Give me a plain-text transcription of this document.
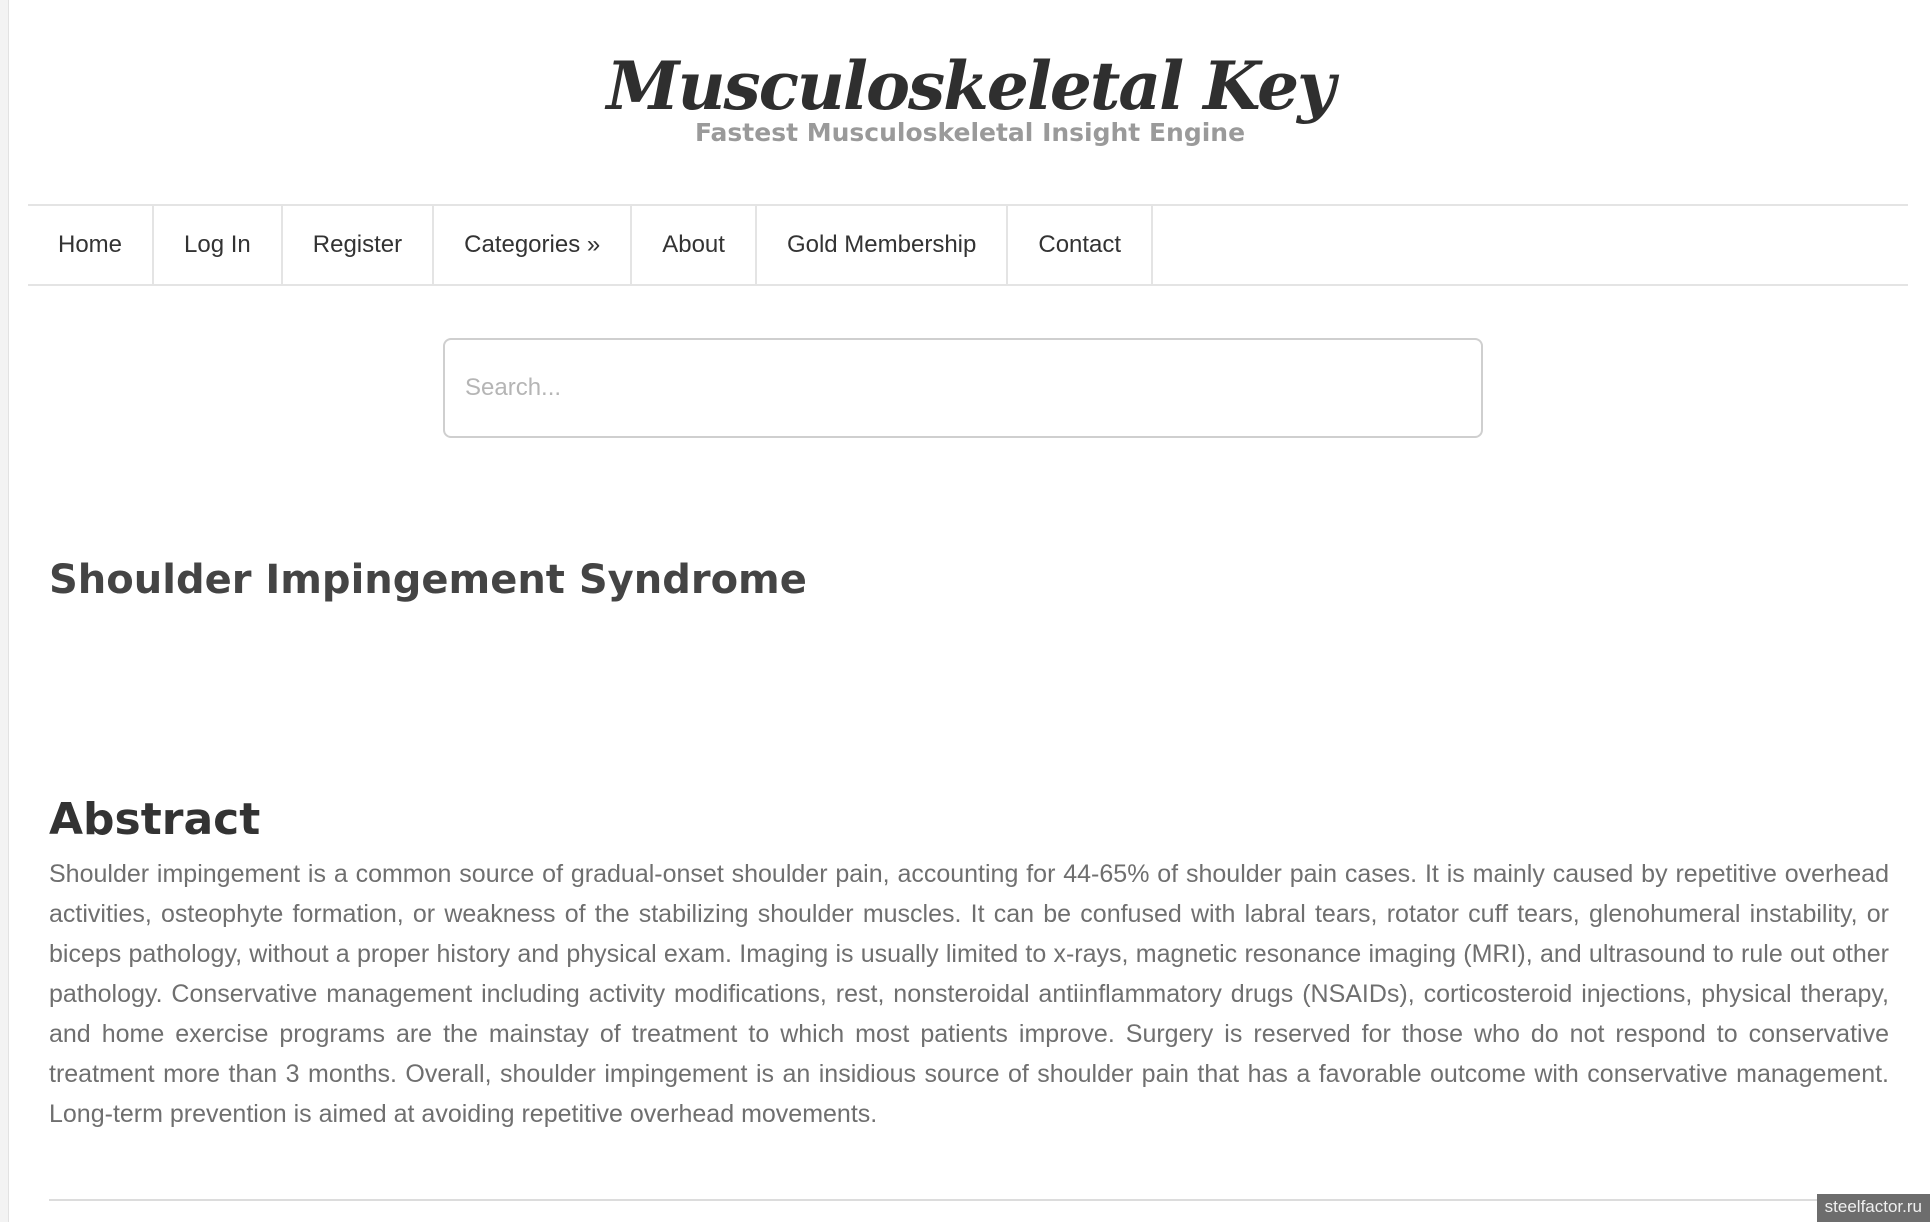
Musculoskeletal Key
Fastest Musculoskeletal Insight Engine
Home	Log In	Register	Categories »	About	Gold Membership	Contact
Search...
Shoulder Impingement Syndrome
Abstract

Shoulder impingement is a common source of gradual-onset shoulder pain, accounting for 44-65% of shoulder pain cases. It is mainly caused by repetitive overhead activities, osteophyte formation, or weakness of the stabilizing shoulder muscles. It can be confused with labral tears, rotator cuff tears, glenohumeral instability, or biceps pathology, without a proper history and physical exam. Imaging is usually limited to x-rays, magnetic resonance imaging (MRI), and ultrasound to rule out other pathology. Conservative management including activity modifications, rest, nonsteroidal antiinflammatory drugs (NSAIDs), corticosteroid injections, physical therapy, and home exercise programs are the mainstay of treatment to which most patients improve. Surgery is reserved for those who do not respond to conservative treatment more than 3 months. Overall, shoulder impingement is an insidious source of shoulder pain that has a favorable outcome with conservative management. Long-term prevention is aimed at avoiding repetitive overhead movements.

steelfactor.ru
